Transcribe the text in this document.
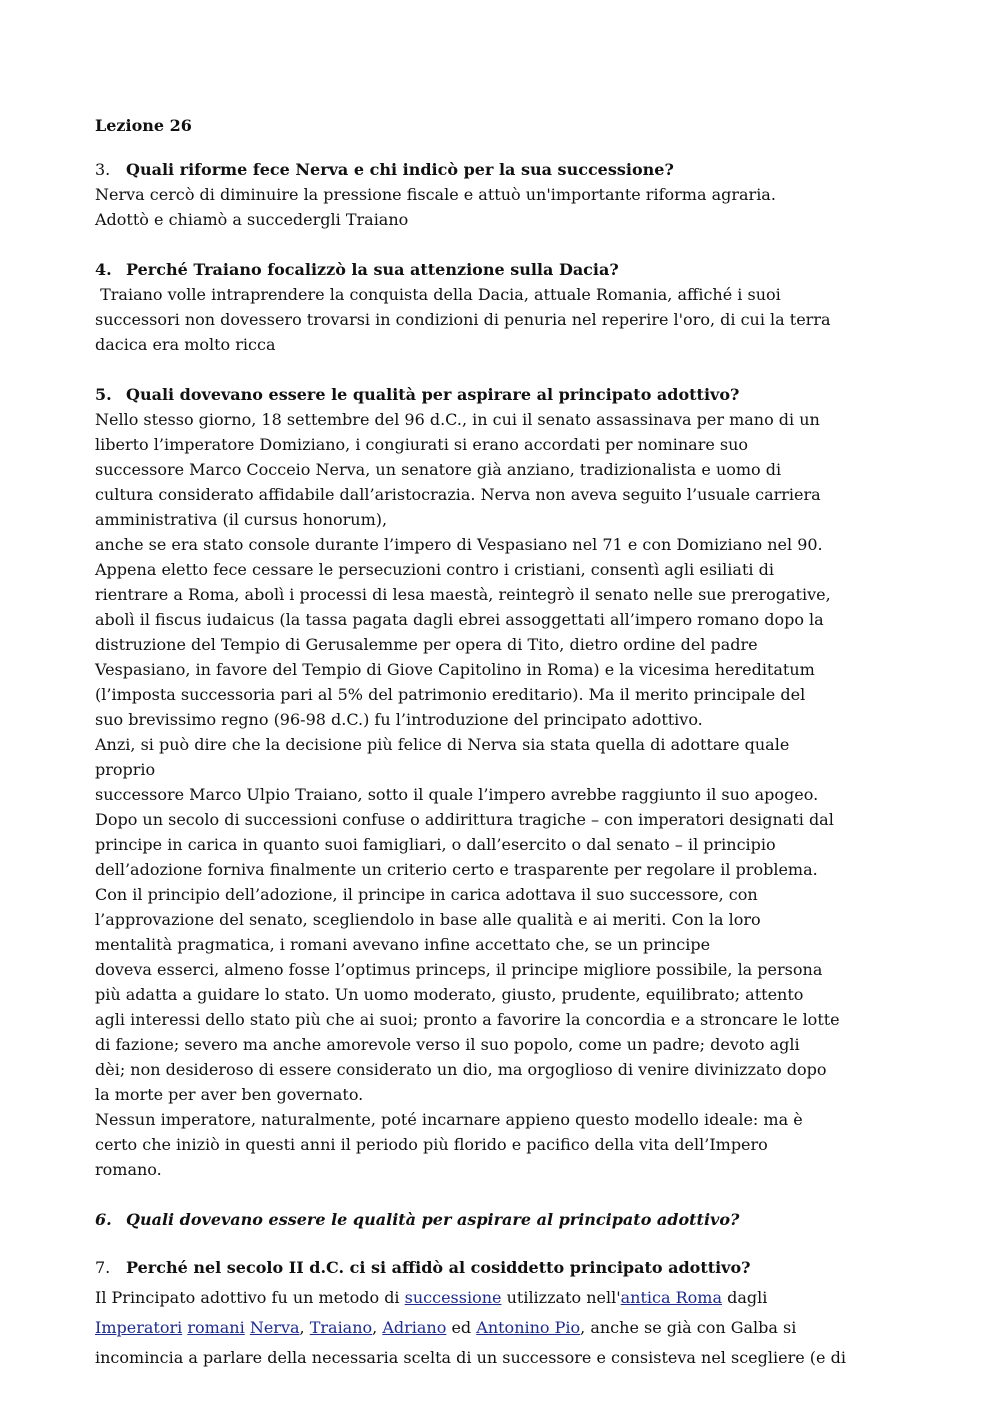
Lezione 26
3. Quali riforme fece Nerva e chi indicò per la sua successione?
Nerva cercò di diminuire la pressione fiscale e attuò un'importante riforma agraria.
Adottò e chiamò a succedergli Traiano
4. Perché Traiano focalizzò la sua attenzione sulla Dacia?
Traiano volle intraprendere la conquista della Dacia, attuale Romania, affiché i suoi
successori non dovessero trovarsi in condizioni di penuria nel reperire l'oro, di cui la terra
dacica era molto ricca
5. Quali dovevano essere le qualità per aspirare al principato adottivo?
Nello stesso giorno, 18 settembre del 96 d.C., in cui il senato assassinava per mano di un
liberto l’imperatore Domiziano, i congiurati si erano accordati per nominare suo
successore Marco Cocceio Nerva, un senatore già anziano, tradizionalista e uomo di
cultura considerato affidabile dall’aristocrazia. Nerva non aveva seguito l’usuale carriera
amministrativa (il cursus honorum),
anche se era stato console durante l’impero di Vespasiano nel 71 e con Domiziano nel 90.
Appena eletto fece cessare le persecuzioni contro i cristiani, consentì agli esiliati di
rientrare a Roma, abolì i processi di lesa maestà, reintegrò il senato nelle sue prerogative,
abolì il fiscus iudaicus (la tassa pagata dagli ebrei assoggettati all’impero romano dopo la
distruzione del Tempio di Gerusalemme per opera di Tito, dietro ordine del padre
Vespasiano, in favore del Tempio di Giove Capitolino in Roma) e la vicesima hereditatum
(l’imposta successoria pari al 5% del patrimonio ereditario). Ma il merito principale del
suo brevissimo regno (96-98 d.C.) fu l’introduzione del principato adottivo.
Anzi, si può dire che la decisione più felice di Nerva sia stata quella di adottare quale
proprio
successore Marco Ulpio Traiano, sotto il quale l’impero avrebbe raggiunto il suo apogeo.
Dopo un secolo di successioni confuse o addirittura tragiche – con imperatori designati dal
principe in carica in quanto suoi famigliari, o dall’esercito o dal senato – il principio
dell’adozione forniva finalmente un criterio certo e trasparente per regolare il problema.
Con il principio dell’adozione, il principe in carica adottava il suo successore, con
l’approvazione del senato, scegliendolo in base alle qualità e ai meriti. Con la loro
mentalità pragmatica, i romani avevano infine accettato che, se un principe
doveva esserci, almeno fosse l’optimus princeps, il principe migliore possibile, la persona
più adatta a guidare lo stato. Un uomo moderato, giusto, prudente, equilibrato; attento
agli interessi dello stato più che ai suoi; pronto a favorire la concordia e a stroncare le lotte
di fazione; severo ma anche amorevole verso il suo popolo, come un padre; devoto agli
dèi; non desideroso di essere considerato un dio, ma orgoglioso di venire divinizzato dopo
la morte per aver ben governato.
Nessun imperatore, naturalmente, poté incarnare appieno questo modello ideale: ma è
certo che iniziò in questi anni il periodo più florido e pacifico della vita dell’Impero
romano.
6. Quali dovevano essere le qualità per aspirare al principato adottivo?
7. Perché nel secolo II d.C. ci si affidò al cosiddetto principato adottivo?
Il Principato adottivo fu un metodo di successione utilizzato nell'antica Roma dagli
Imperatori romani Nerva, Traiano, Adriano ed Antonino Pio, anche se già con Galba si
incomincia a parlare della necessaria scelta di un successore e consisteva nel scegliere (e di
